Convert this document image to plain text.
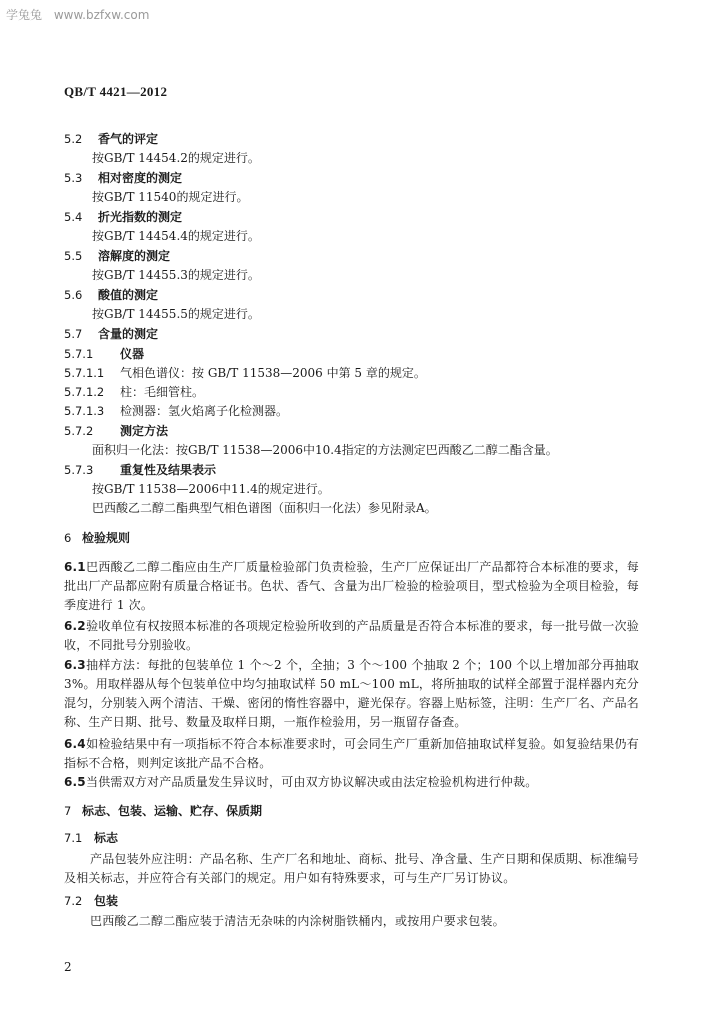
学兔兔 www.bzfxw.com
QB/T 4421—2012
5.2 香气的评定
按GB/T 14454.2的规定进行。
5.3 相对密度的测定
按GB/T 11540的规定进行。
5.4 折光指数的测定
按GB/T 14454.4的规定进行。
5.5 溶解度的测定
按GB/T 14455.3的规定进行。
5.6 酸值的测定
按GB/T 14455.5的规定进行。
5.7 含量的测定
5.7.1 仪器
5.7.1.1 气相色谱仪：按 GB/T 11538—2006 中第 5 章的规定。
5.7.1.2 柱：毛细管柱。
5.7.1.3 检测器：氢火焰离子化检测器。
5.7.2 测定方法
面积归一化法：按GB/T 11538—2006中10.4指定的方法测定巴西酸乙二醇二酯含量。
5.7.3 重复性及结果表示
按GB/T 11538—2006中11.4的规定进行。
巴西酸乙二醇二酯典型气相色谱图（面积归一化法）参见附录A。
6 检验规则
6.1巴西酸乙二醇二酯应由生产厂质量检验部门负责检验，生产厂应保证出厂产品都符合本标准的要求，每批出厂产品都应附有质量合格证书。色状、香气、含量为出厂检验的检验项目，型式检验为全项目检验，每季度进行 1 次。
6.2验收单位有权按照本标准的各项规定检验所收到的产品质量是否符合本标准的要求，每一批号做一次验收，不同批号分别验收。
6.3抽样方法：每批的包装单位 1 个～2 个，全抽；3 个～100 个抽取 2 个；100 个以上增加部分再抽取 3%。用取样器从每个包装单位中均匀抽取试样 50 mL～100 mL，将所抽取的试样全部置于混样器内充分混匀，分别装入两个清洁、干燥、密闭的惰性容器中，避光保存。容器上贴标签，注明：生产厂名、产品名称、生产日期、批号、数量及取样日期，一瓶作检验用，另一瓶留存备查。
6.4如检验结果中有一项指标不符合本标准要求时，可会同生产厂重新加倍抽取试样复验。如复验结果仍有指标不合格，则判定该批产品不合格。
6.5当供需双方对产品质量发生异议时，可由双方协议解决或由法定检验机构进行仲裁。
7 标志、包装、运输、贮存、保质期
7.1 标志
产品包装外应注明：产品名称、生产厂名和地址、商标、批号、净含量、生产日期和保质期、标准编号及相关标志，并应符合有关部门的规定。用户如有特殊要求，可与生产厂另订协议。
7.2 包装
巴西酸乙二醇二酯应装于清洁无杂味的内涂树脂铁桶内，或按用户要求包装。
2
